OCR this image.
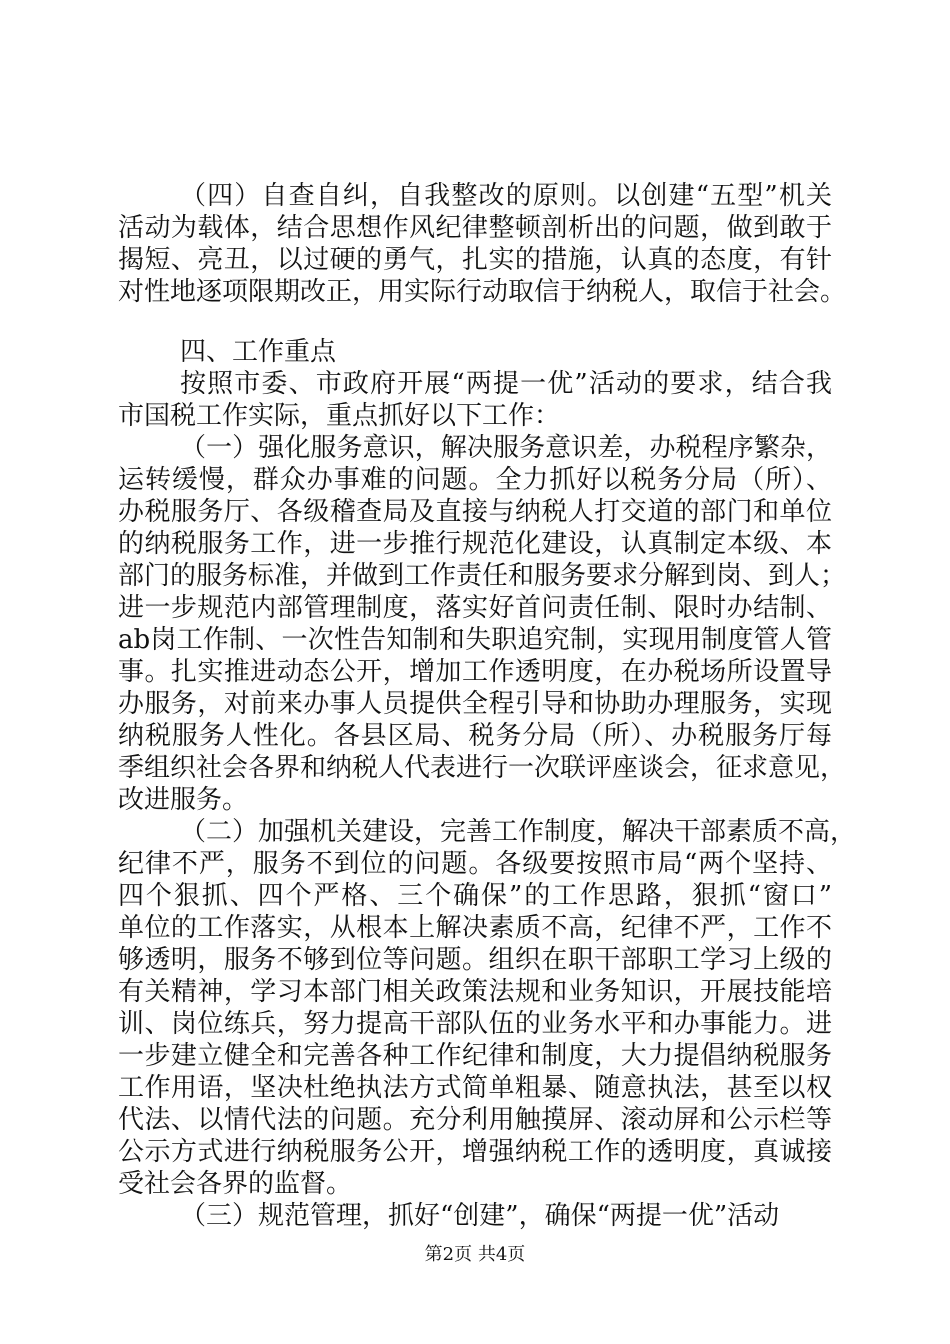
（四）自查自纠，自我整改的原则。以创建“五型”机关
活动为载体，结合思想作风纪律整顿剖析出的问题，做到敢于
揭短、亮丑，以过硬的勇气，扎实的措施，认真的态度，有针
对性地逐项限期改正，用实际行动取信于纳税人，取信于社会。
四、工作重点
按照市委、市政府开展“两提一优”活动的要求，结合我
市国税工作实际，重点抓好以下工作：
（一）强化服务意识，解决服务意识差，办税程序繁杂，
运转缓慢，群众办事难的问题。全力抓好以税务分局（所）、
办税服务厅、各级稽查局及直接与纳税人打交道的部门和单位
的纳税服务工作，进一步推行规范化建设，认真制定本级、本
部门的服务标准，并做到工作责任和服务要求分解到岗、到人；
进一步规范内部管理制度，落实好首问责任制、限时办结制、
ab岗工作制、一次性告知制和失职追究制，实现用制度管人管
事。扎实推进动态公开，增加工作透明度，在办税场所设置导
办服务，对前来办事人员提供全程引导和协助办理服务，实现
纳税服务人性化。各县区局、税务分局（所）、办税服务厅每
季组织社会各界和纳税人代表进行一次联评座谈会，征求意见，
改进服务。
（二）加强机关建设，完善工作制度，解决干部素质不高，
纪律不严，服务不到位的问题。各级要按照市局“两个坚持、
四个狠抓、四个严格、三个确保”的工作思路，狠抓“窗口”
单位的工作落实，从根本上解决素质不高，纪律不严，工作不
够透明，服务不够到位等问题。组织在职干部职工学习上级的
有关精神，学习本部门相关政策法规和业务知识，开展技能培
训、岗位练兵，努力提高干部队伍的业务水平和办事能力。进
一步建立健全和完善各种工作纪律和制度，大力提倡纳税服务
工作用语，坚决杜绝执法方式简单粗暴、随意执法，甚至以权
代法、以情代法的问题。充分利用触摸屏、滚动屏和公示栏等
公示方式进行纳税服务公开，增强纳税工作的透明度，真诚接
受社会各界的监督。
（三）规范管理，抓好“创建”，确保“两提一优”活动
第2页 共4页
